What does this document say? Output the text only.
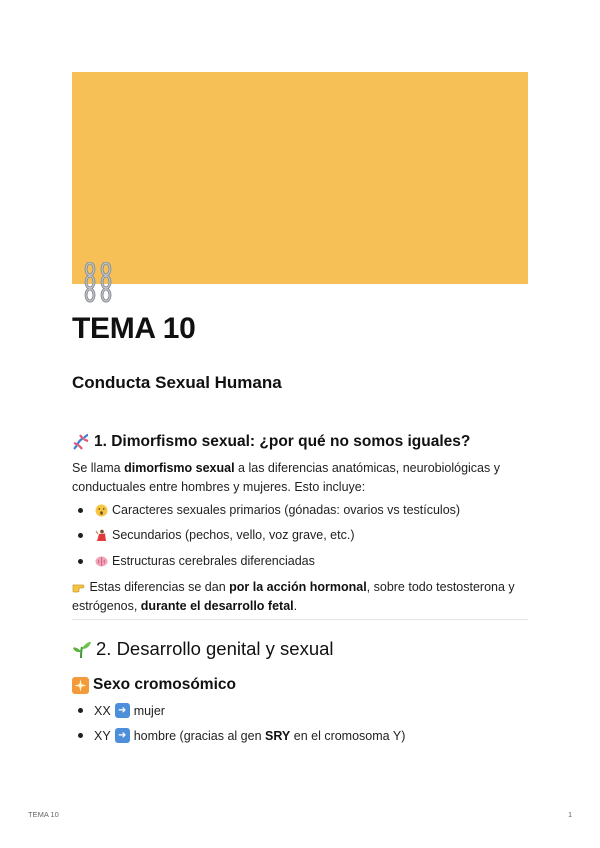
TEMA 10
Conducta Sexual Humana
1. Dimorfismo sexual: ¿por qué no somos iguales?
Se llama dimorfismo sexual a las diferencias anatómicas, neurobiológicas y
conductuales entre hombres y mujeres. Esto incluye:
Caracteres sexuales primarios (gónadas: ovarios vs testículos)
Secundarios (pechos, vello, voz grave, etc.)
Estructuras cerebrales diferenciadas
Estas diferencias se dan por la acción hormonal, sobre todo testosterona y
estrógenos, durante el desarrollo fetal.
2. Desarrollo genital y sexual
Sexo cromosómico
XX ➜ mujer
XY ➜ hombre (gracias al gen SRY en el cromosoma Y)
TEMA 10	1
